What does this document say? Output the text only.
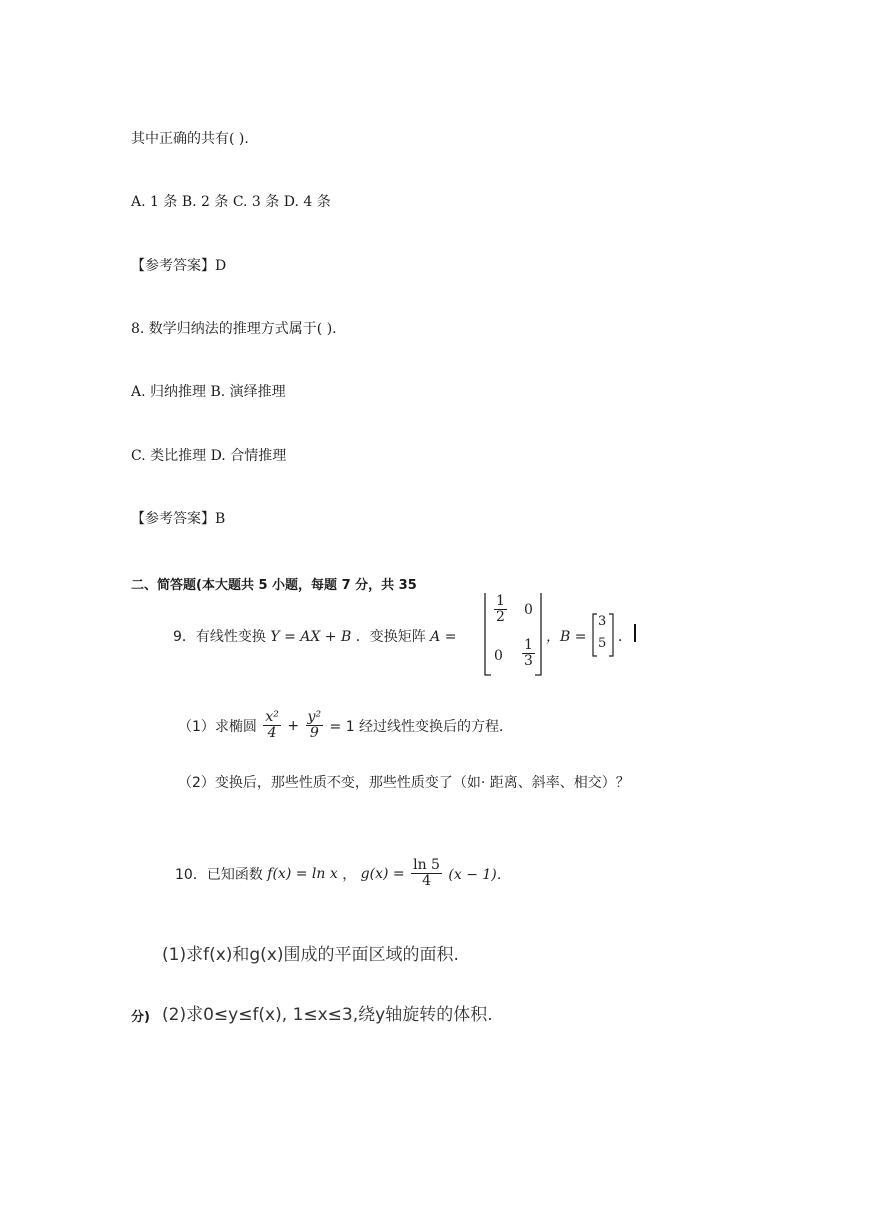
其中正确的共有( ).
A. 1 条 B. 2 条 C. 3 条 D. 4 条
【参考答案】D
8. 数学归纳法的推理方式属于( ).
A. 归纳推理 B. 演绎推理
C. 类比推理 D. 合情推理
【参考答案】B
二、简答题(本大题共 5 小题，每题 7 分，共 35
9．有线性变换 Y = AX + B ．变换矩阵 A =
$\frac{1}{2} 0$
$0 \frac{1}{3}$
，B =
3
5 ．
（1）求椭圆 $\frac{\text{x²}}{4} + \frac{\text{y²}}{9} = 1$ 经过线性变换后的方程．
（2）变换后，那些性质不变，那些性质变了（如· 距离、斜率、相交）？
10．已知函数 f(x) = ln x ， $g(x) = \frac{\ln 5}{4} (x - 1)$．
(1)求f(x)和g(x)围成的平面区域的面积.
分) (2)求0≤y≤f(x), 1≤x≤3,绕y轴旋转的体积.
